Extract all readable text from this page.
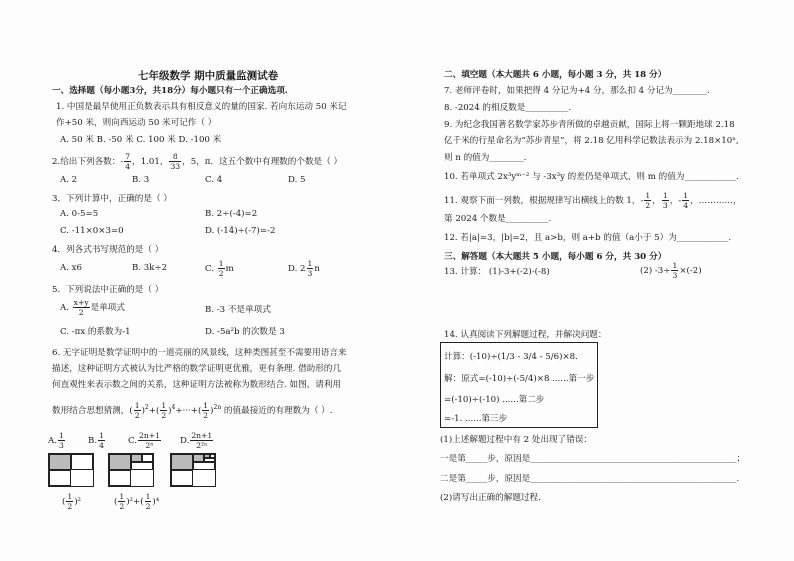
七年级数学 期中质量监测试卷
一、选择题（每小题3分，共18分）每小题只有一个正确选项.
1. 中国是最早使用正负数表示具有相反意义的量的国家. 若向东运动 50 米记
作+50 米，则向西运动 50 米可记作（ ）
A. 50 米 B. -50 米 C. 100 米 D. -100 米
2.给出下列各数：- $\frac{7}{4}$ ，1.01， $\frac{8}{33}$ ，5，π．这五个数中有理数的个数是（ ）
A. 2	B. 3	C. 4	D. 5
3．下列计算中，正确的是（ ）
A. 0-5=5	B. 2÷(-4)=2
C. -11×0×3=0	D. (-14)÷(-7)=-2
4．列各式书写规范的是（ ）
A. x6	B. 3k÷2	C. $\frac{1}{2}$ m	D. $2 \frac{1}{3}$ n
5．下列说法中正确的是（ ）
A. $\frac{x+y}{2}$ 是单项式	B. -3 不是单项式
C. -πx 的系数为-1	D. -5a²b 的次数是 3
6. 无字证明是数学证明中的一道亮丽的风景线，这种类图甚至不需要用语言来
描述，这种证明方式被认为比严格的数学证明更优雅，更有条理. 借助形的几
何直观性来表示数之间的关系，这种证明方法被称为数形结合. 如图，请利用
数形结合思想猜测，( $\frac{1}{2} )^2+( \frac{1}{2} )^4+\cdot\cdot\cdot+( \frac{1}{2} )^{2n}$ 的值最接近的有理数为（ ）.
A. $\frac{1}{3}$	B. $\frac{1}{4}$	C. $\frac{2n+1}{\text{2ⁿ}} D$. $\frac{2n+1}{\text{2²ⁿ}}$
( $\frac{1}{2} )^2$	( $\frac{1}{2} )^2+( \frac{1}{2} )^4$
二、填空题（本大题共 6 小题，每小题 3 分，共 18 分）
7. 老师评卷时，如果把得 4 分记为+4 分，那么扣 4 分记为________.
8. -2024 的相反数是__________.
9. 为纪念我国著名数学家苏步青所做的卓越贡献，国际上将一颗距地球 2.18
亿千米的行星命名为“苏步青星”，将 2.18 亿用科学记数法表示为 2.18×10ⁿ,
则 n 的值为________.
10. 若单项式 2x³yᵐ⁻² 与 -3x³y 的差仍是单项式，则 m 的值为____________.
11. 观察下面一列数，根据规律写出横线上的数 1，- $\frac{1}{2}$ ， $\frac{1}{3}$ ，- $\frac{1}{4}$ ，…………，
第 2024 个数是__________.
12. 若|a|=3，|b|=2，且 a>b，则 a+b 的值（a小于 5）为____________.
三、解答题（本大题共 5 小题，每小题 6 分，共 30 分）
13. 计算： (1)-3+(-2)-(-8)	(2) $-3\div \frac{1}{3} \times(-2)$
14. 认真阅读下列解题过程，并解决问题：
计算：(-10)÷(1/3 - 3/4 - 5/6)×8．
解：原式=(-10)÷(-5/4)×8 ......第一步
=(-10)÷(-10) ......第二步
=-1. ......第三步
(1)上述解题过程中有 2 处出现了错误：
一是第_____步，原因是________________________________________________；
二是第_____步，原因是________________________________________________.
(2)请写出正确的解题过程.
